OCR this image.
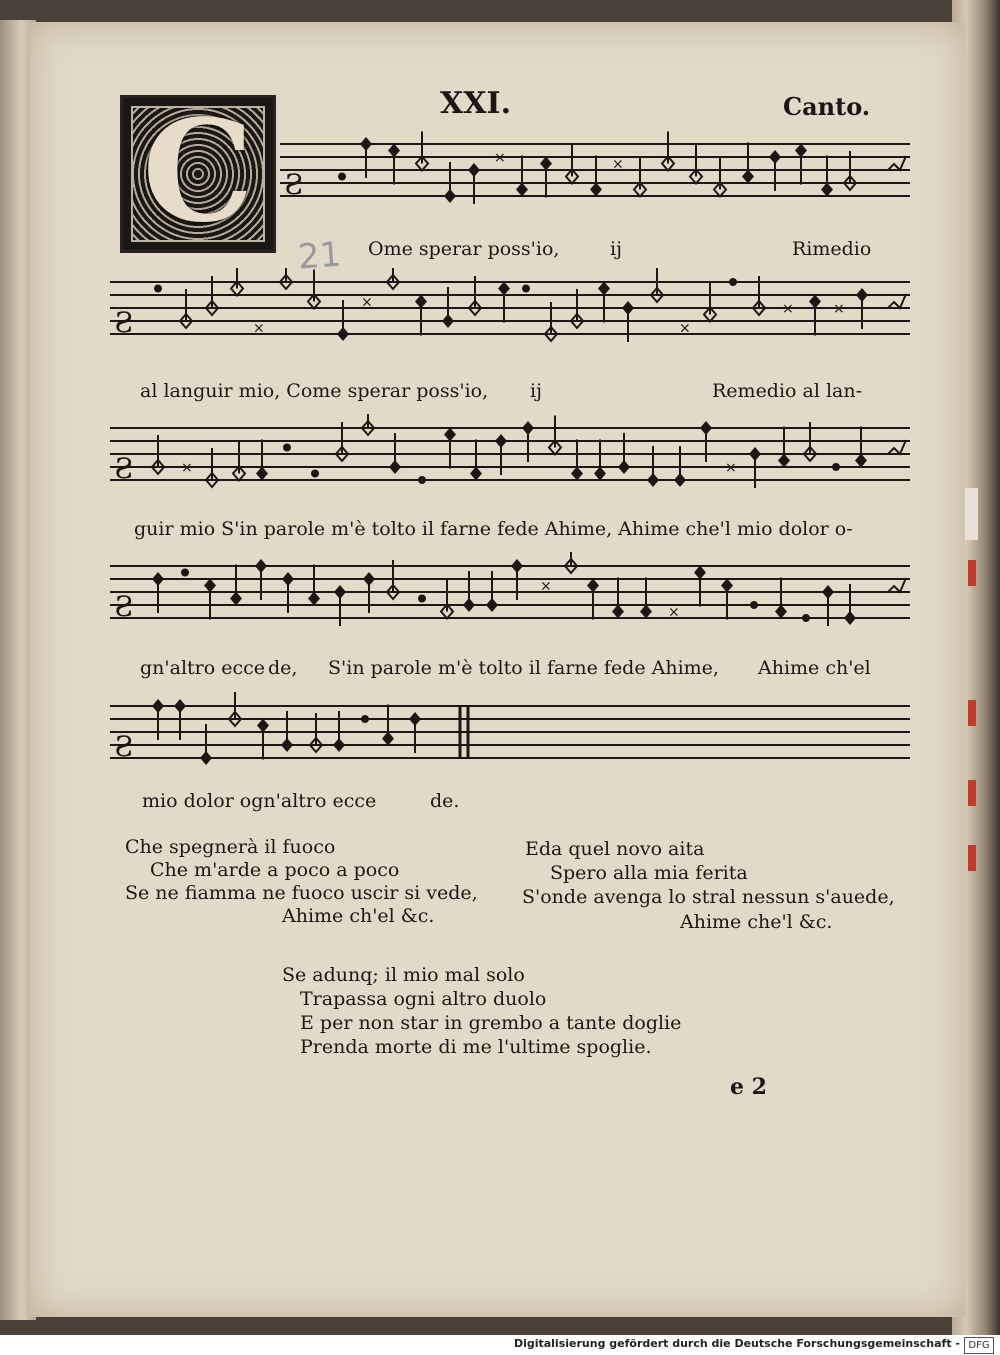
XXI.	Canto.
21
C	Ƨ
×	×
Ƨ	×
×
×
×	×
Ƨ	×	×
Ƨ
×
×
Ƨ
Ome sperar poss'io,	ij	Rimedio
al languir mio, Come sperar poss'io, ij	Remedio al lan-
guir mio S'in parole m'è tolto il farne fede Ahime, Ahime che'l mio dolor o-
gn'altro ecce de, S'in parole m'è tolto il farne fede Ahime, Ahime ch'el
mio dolor ogn'altro ecce	de.
Che spegnerà il fuoco
Che m'arde a poco a poco
Se ne fiamma ne fuoco uscir si vede,
Ahime ch'el &c.
Eda quel novo aita
Spero alla mia ferita
S'onde avenga lo stral nessun s'auede,
Ahime che'l &c.
Se adunq; il mio mal solo
Trapassa ogni altro duolo
E per non star in grembo a tante doglie
Prenda morte di me l'ultime spoglie.
e 2
Digitalisierung gefördert durch die Deutsche Forschungsgemeinschaft - DFG
